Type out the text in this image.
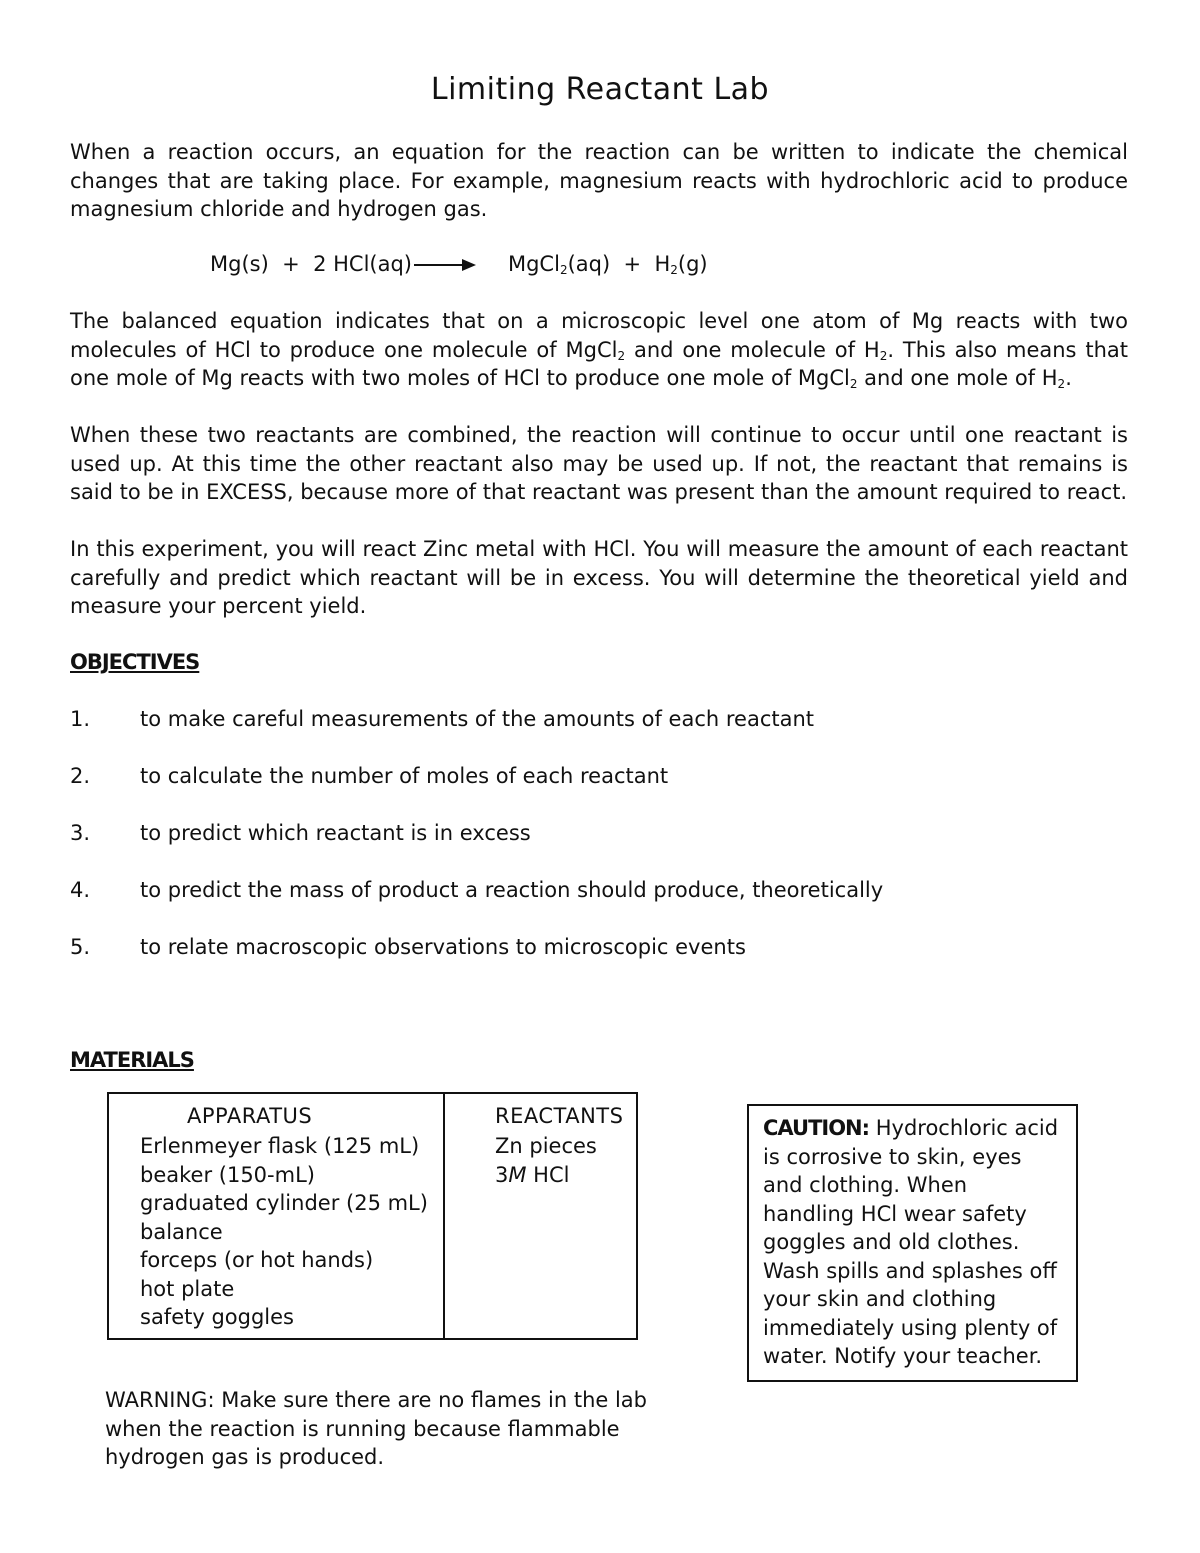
Limiting Reactant Lab

When a reaction occurs, an equation for the reaction can be written to indicate the chemical changes that are taking place. For example, magnesium reacts with hydrochloric acid to produce magnesium chloride and hydrogen gas.

Mg(s)  +  2 HCl(aq) → MgCl$_2$(aq)  +  $H_2(g)$

The balanced equation indicates that on a microscopic level one atom of Mg reacts with two molecules of HCl to produce one molecule of MgCl$_2$ and one molecule of $H_2$. This also means that one mole of Mg reacts with two moles of HCl to produce one mole of MgCl$_2$ and one mole of $H_2$.

When these two reactants are combined, the reaction will continue to occur until one reactant is used up. At this time the other reactant also may be used up. If not, the reactant that remains is said to be in EXCESS, because more of that reactant was present than the amount required to react.

In this experiment, you will react Zinc metal with HCl. You will measure the amount of each reactant carefully and predict which reactant will be in excess. You will determine the theoretical yield and measure your percent yield.

OBJECTIVES
1. to make careful measurements of the amounts of each reactant
2. to calculate the number of moles of each reactant
3. to predict which reactant is in excess
4. to predict the mass of product a reaction should produce, theoretically
5. to relate macroscopic observations to microscopic events
MATERIALS
APPARATUS
Erlenmeyer flask (125 mL)
beaker (150-mL)
graduated cylinder (25 mL)
balance
forceps (or hot hands)
hot plate
safety goggles
REACTANTS
Zn pieces
3M HCl
CAUTION: Hydrochloric acid is corrosive to skin, eyes and clothing. When handling HCl wear safety goggles and old clothes. Wash spills and splashes off your skin and clothing immediately using plenty of water. Notify your teacher.

WARNING: Make sure there are no flames in the lab when the reaction is running because flammable hydrogen gas is produced.
